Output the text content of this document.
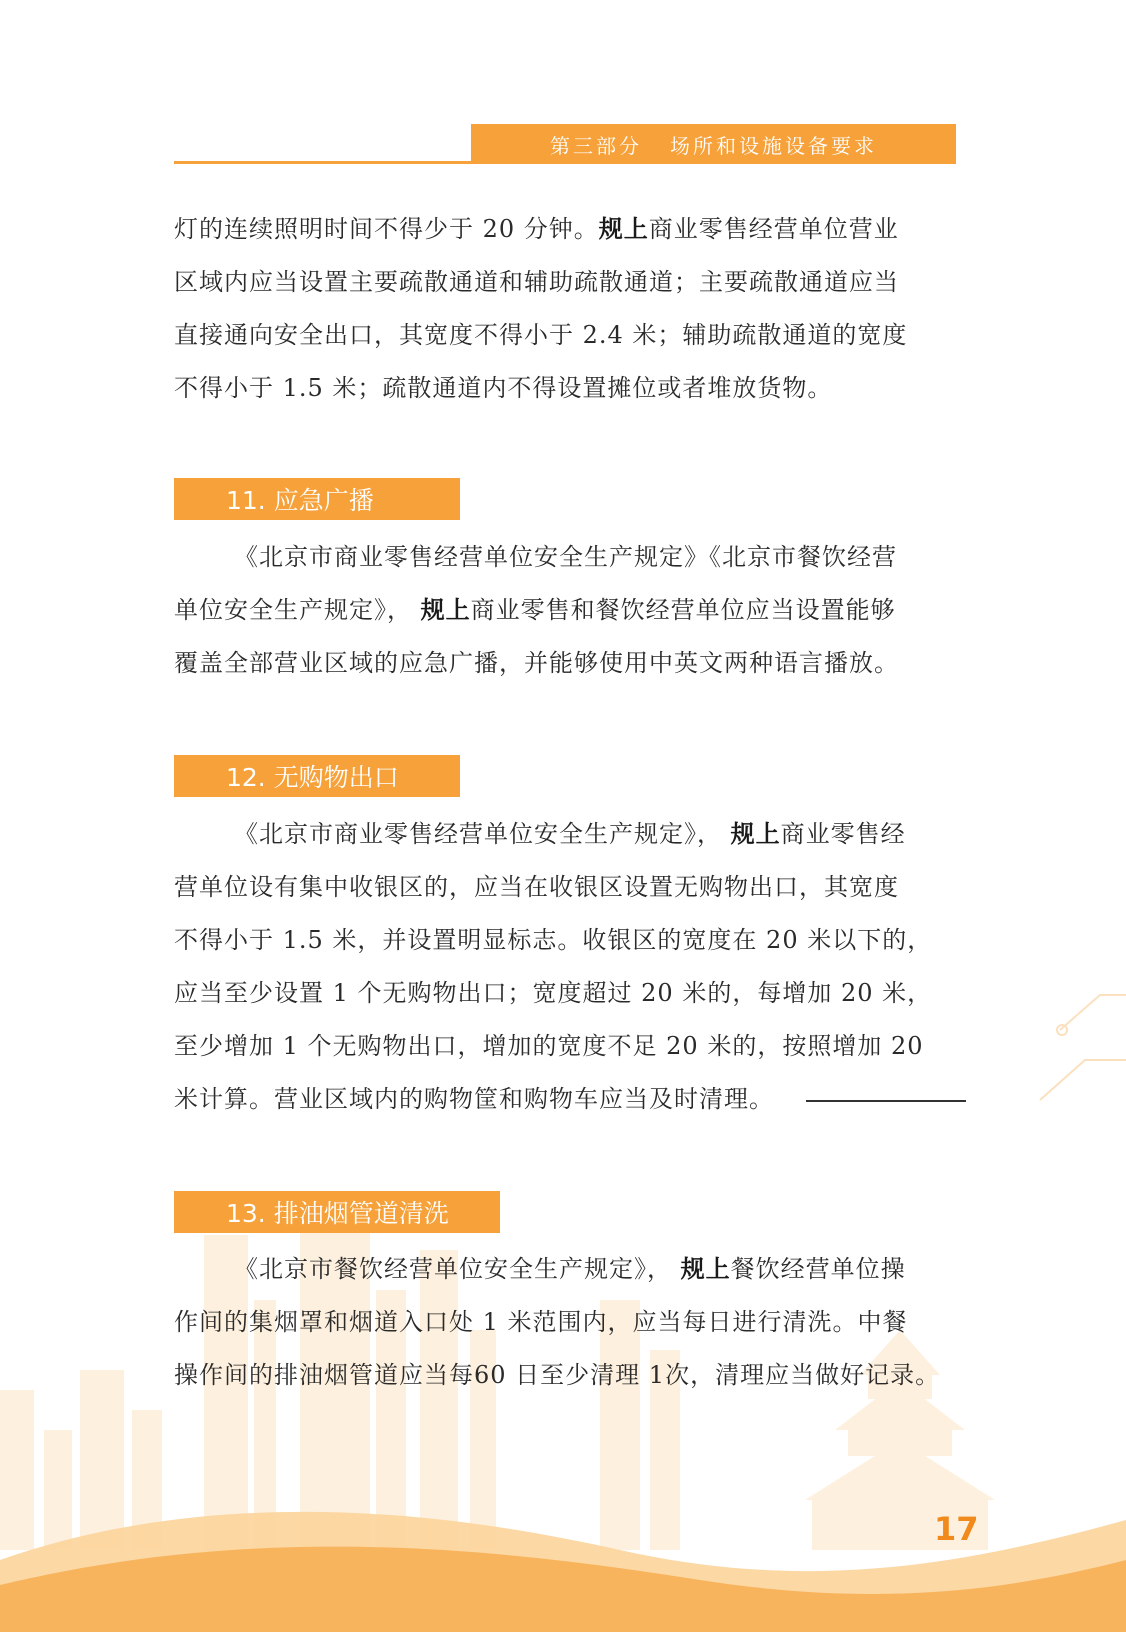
第三部分 场所和设施设备要求
灯的连续照明时间不得少于 20 分钟。规上商业零售经营单位营业
区域内应当设置主要疏散通道和辅助疏散通道；主要疏散通道应当
直接通向安全出口，其宽度不得小于 2.4 米；辅助疏散通道的宽度
不得小于 1.5 米；疏散通道内不得设置摊位或者堆放货物。
11. 应急广播
《北京市商业零售经营单位安全生产规定》《北京市餐饮经营
单位安全生产规定》， 规上商业零售和餐饮经营单位应当设置能够
覆盖全部营业区域的应急广播，并能够使用中英文两种语言播放。
12. 无购物出口
《北京市商业零售经营单位安全生产规定》， 规上商业零售经
营单位设有集中收银区的，应当在收银区设置无购物出口，其宽度
不得小于 1.5 米，并设置明显标志。收银区的宽度在 20 米以下的，
应当至少设置 1 个无购物出口；宽度超过 20 米的，每增加 20 米，
至少增加 1 个无购物出口，增加的宽度不足 20 米的，按照增加 20
米计算。营业区域内的购物筐和购物车应当及时清理。
13. 排油烟管道清洗
《北京市餐饮经营单位安全生产规定》， 规上餐饮经营单位操
作间的集烟罩和烟道入口处 1 米范围内，应当每日进行清洗。中餐
操作间的排油烟管道应当每60 日至少清理 1次，清理应当做好记录。
17
